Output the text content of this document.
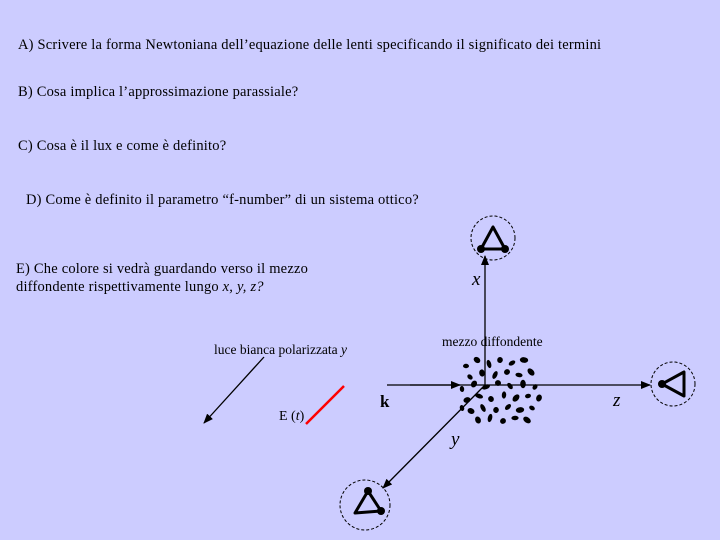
A) Scrivere la forma Newtoniana dell’equazione delle lenti specificando il significato dei termini
B) Cosa implica l’approssimazione parassiale?
C) Cosa è il lux e come è definito?
D) Come è definito il parametro “f-number” di un sistema ottico?
E) Che colore si vedrà guardando verso il mezzo
diffondente rispettivamente lungo x, y, z?	x
z
y
k
E (t)
luce bianca polarizzata y
mezzo diffondente
